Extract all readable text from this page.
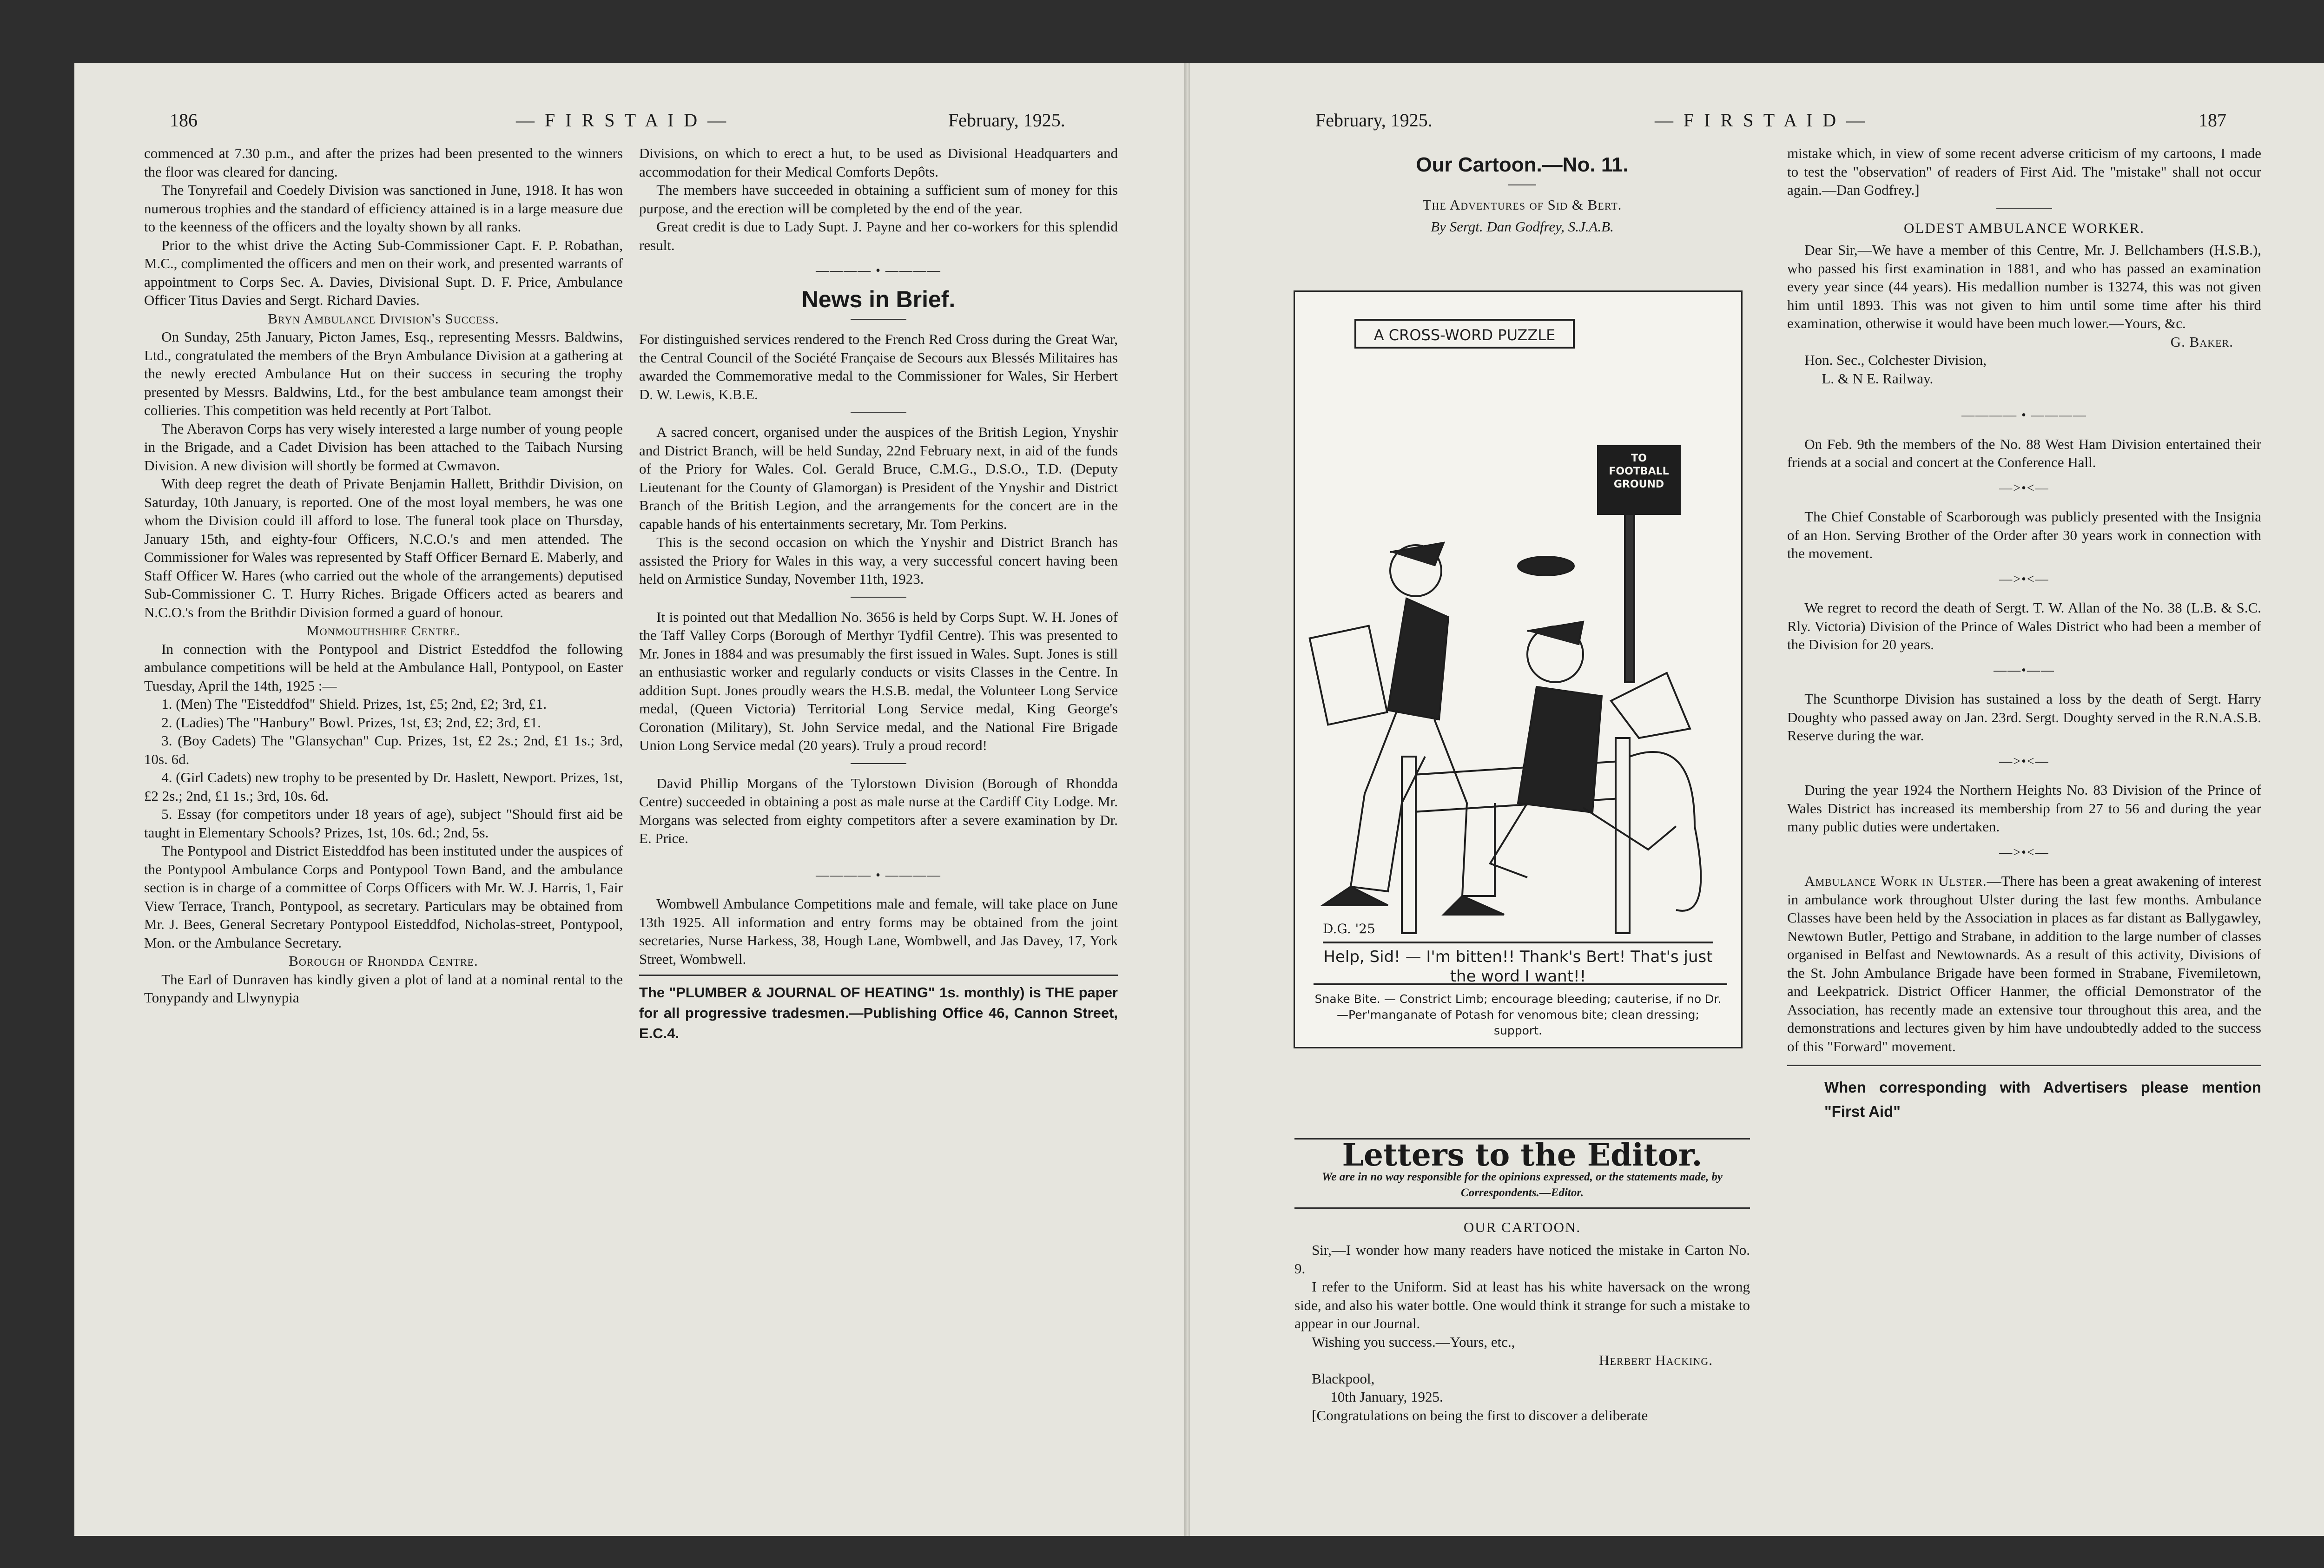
186	— F I R S T A I D —	February, 1925.

commenced at 7.30 p.m., and after the prizes had been presented to the winners the floor was cleared for dancing.

The Tonyrefail and Coedely Division was sanctioned in June, 1918. It has won numerous trophies and the standard of efficiency attained is in a large measure due to the keenness of the officers and the loyalty shown by all ranks.

Prior to the whist drive the Acting Sub-Commissioner Capt. F. P. Robathan, M.C., complimented the officers and men on their work, and presented warrants of appointment to Corps Sec. A. Davies, Divisional Supt. D. F. Price, Ambulance Officer Titus Davies and Sergt. Richard Davies.

Bryn Ambulance Division's Success.

On Sunday, 25th January, Picton James, Esq., representing Messrs. Baldwins, Ltd., congratulated the members of the Bryn Ambulance Division at a gathering at the newly erected Ambulance Hut on their success in securing the trophy presented by Messrs. Baldwins, Ltd., for the best ambulance team amongst their collieries. This competition was held recently at Port Talbot.

The Aberavon Corps has very wisely interested a large number of young people in the Brigade, and a Cadet Division has been attached to the Taibach Nursing Division. A new division will shortly be formed at Cwmavon.

With deep regret the death of Private Benjamin Hallett, Brithdir Division, on Saturday, 10th January, is reported. One of the most loyal members, he was one whom the Division could ill afford to lose. The funeral took place on Thursday, January 15th, and eighty-four Officers, N.C.O.'s and men attended. The Commissioner for Wales was represented by Staff Officer Bernard E. Maberly, and Staff Officer W. Hares (who carried out the whole of the arrangements) deputised Sub-Commissioner C. T. Hurry Riches. Brigade Officers acted as bearers and N.C.O.'s from the Brithdir Division formed a guard of honour.

Monmouthshire Centre.

In connection with the Pontypool and District Esteddfod the following ambulance competitions will be held at the Ambulance Hall, Pontypool, on Easter Tuesday, April the 14th, 1925 :—

1. (Men) The "Eisteddfod" Shield. Prizes, 1st, £5; 2nd, £2; 3rd, £1.

2. (Ladies) The "Hanbury" Bowl. Prizes, 1st, £3; 2nd, £2; 3rd, £1.

3. (Boy Cadets) The "Glansychan" Cup. Prizes, 1st, £2 2s.; 2nd, £1 1s.; 3rd, 10s. 6d.

4. (Girl Cadets) new trophy to be presented by Dr. Haslett, Newport. Prizes, 1st, £2 2s.; 2nd, £1 1s.; 3rd, 10s. 6d.

5. Essay (for competitors under 18 years of age), subject "Should first aid be taught in Elementary Schools? Prizes, 1st, 10s. 6d.; 2nd, 5s.

The Pontypool and District Eisteddfod has been instituted under the auspices of the Pontypool Ambulance Corps and Pontypool Town Band, and the ambulance section is in charge of a committee of Corps Officers with Mr. W. J. Harris, 1, Fair View Terrace, Tranch, Pontypool, as secretary. Particulars may be obtained from Mr. J. Bees, General Secretary Pontypool Eisteddfod, Nicholas-street, Pontypool, Mon. or the Ambulance Secretary.

Borough of Rhondda Centre.

The Earl of Dunraven has kindly given a plot of land at a nominal rental to the Tonypandy and Llwynypia

Divisions, on which to erect a hut, to be used as Divisional Headquarters and accommodation for their Medical Comforts Depôts.

The members have succeeded in obtaining a sufficient sum of money for this purpose, and the erection will be completed by the end of the year.

Great credit is due to Lady Supt. J. Payne and her co-workers for this splendid result.

———— • ————
News in Brief.

For distinguished services rendered to the French Red Cross during the Great War, the Central Council of the Société Française de Secours aux Blessés Militaires has awarded the Commemorative medal to the Commissioner for Wales, Sir Herbert D. W. Lewis, K.B.E.

A sacred concert, organised under the auspices of the British Legion, Ynyshir and District Branch, will be held Sunday, 22nd February next, in aid of the funds of the Priory for Wales. Col. Gerald Bruce, C.M.G., D.S.O., T.D. (Deputy Lieutenant for the County of Glamorgan) is President of the Ynyshir and District Branch of the British Legion, and the arrangements for the concert are in the capable hands of his entertainments secretary, Mr. Tom Perkins.

This is the second occasion on which the Ynyshir and District Branch has assisted the Priory for Wales in this way, a very successful concert having been held on Armistice Sunday, November 11th, 1923.

It is pointed out that Medallion No. 3656 is held by Corps Supt. W. H. Jones of the Taff Valley Corps (Borough of Merthyr Tydfil Centre). This was presented to Mr. Jones in 1884 and was presumably the first issued in Wales. Supt. Jones is still an enthusiastic worker and regularly conducts or visits Classes in the Centre. In addition Supt. Jones proudly wears the H.S.B. medal, the Volunteer Long Service medal, (Queen Victoria) Territorial Long Service medal, King George's Coronation (Military), St. John Service medal, and the National Fire Brigade Union Long Service medal (20 years). Truly a proud record!

David Phillip Morgans of the Tylorstown Division (Borough of Rhondda Centre) succeeded in obtaining a post as male nurse at the Cardiff City Lodge. Mr. Morgans was selected from eighty competitors after a severe examination by Dr. E. Price.

———— • ————

Wombwell Ambulance Competitions male and female, will take place on June 13th 1925. All information and entry forms may be obtained from the joint secretaries, Nurse Harkess, 38, Hough Lane, Wombwell, and Jas Davey, 17, York Street, Wombwell.

The "PLUMBER & JOURNAL OF HEATING" 1s. monthly) is THE paper for all progressive tradesmen.—Publishing Office 46, Cannon Street, E.C.4.
February, 1925.	— F I R S T A I D —	187
Our Cartoon.—No. 11.

The Adventures of Sid & Bert.

By Sergt. Dan Godfrey, S.J.A.B.

Letters to the Editor.

We are in no way responsible for the opinions expressed, or the statements made, by Correspondents.—Editor.

OUR CARTOON.

Sir,—I wonder how many readers have noticed the mistake in Carton No. 9.

I refer to the Uniform. Sid at least has his white haversack on the wrong side, and also his water bottle. One would think it strange for such a mistake to appear in our Journal.

Wishing you success.—Yours, etc.,

Herbert Hacking.

Blackpool,

10th January, 1925.

[Congratulations on being the first to discover a deliberate

mistake which, in view of some recent adverse criticism of my cartoons, I made to test the "observation" of readers of First Aid. The "mistake" shall not occur again.—Dan Godfrey.]

OLDEST AMBULANCE WORKER.

Dear Sir,—We have a member of this Centre, Mr. J. Bellchambers (H.S.B.), who passed his first examination in 1881, and who has passed an examination every year since (44 years). His medallion number is 13274, this was not given him until 1893. This was not given to him until some time after his third examination, otherwise it would have been much lower.—Yours, &c.

G. Baker.

Hon. Sec., Colchester Division,

L. & N E. Railway.

———— • ————

On Feb. 9th the members of the No. 88 West Ham Division entertained their friends at a social and concert at the Conference Hall.

—>•<—

The Chief Constable of Scarborough was publicly presented with the Insignia of an Hon. Serving Brother of the Order after 30 years work in connection with the movement.

—>•<—

We regret to record the death of Sergt. T. W. Allan of the No. 38 (L.B. & S.C. Rly. Victoria) Division of the Prince of Wales District who had been a member of the Division for 20 years.

——•——

The Scunthorpe Division has sustained a loss by the death of Sergt. Harry Doughty who passed away on Jan. 23rd. Sergt. Doughty served in the R.N.A.S.B. Reserve during the war.

—>•<—

During the year 1924 the Northern Heights No. 83 Division of the Prince of Wales District has increased its membership from 27 to 56 and during the year many public duties were undertaken.

—>•<—

Ambulance Work in Ulster.—There has been a great awakening of interest in ambulance work throughout Ulster during the last few months. Ambulance Classes have been held by the Association in places as far distant as Ballygawley, Newtown Butler, Pettigo and Strabane, in addition to the large number of classes organised in Belfast and Newtownards. As a result of this activity, Divisions of the St. John Ambulance Brigade have been formed in Strabane, Fivemiletown, and Leekpatrick. District Officer Hanmer, the official Demonstrator of the Association, has recently made an extensive tour throughout this area, and the demonstrations and lectures given by him have undoubtedly added to the success of this "Forward" movement.

When corresponding with Advertisers please mention "First Aid"
A CROSS-WORD PUZZLE
TO FOOTBALL GROUND
D.G. '25
Help, Sid! — I'm bitten!! Thank's Bert! That's just the word I want!!
Snake Bite. — Constrict Limb; encourage bleeding; cauterise, if no Dr.—Per'manganate of Potash for venomous bite; clean dressing; support.
